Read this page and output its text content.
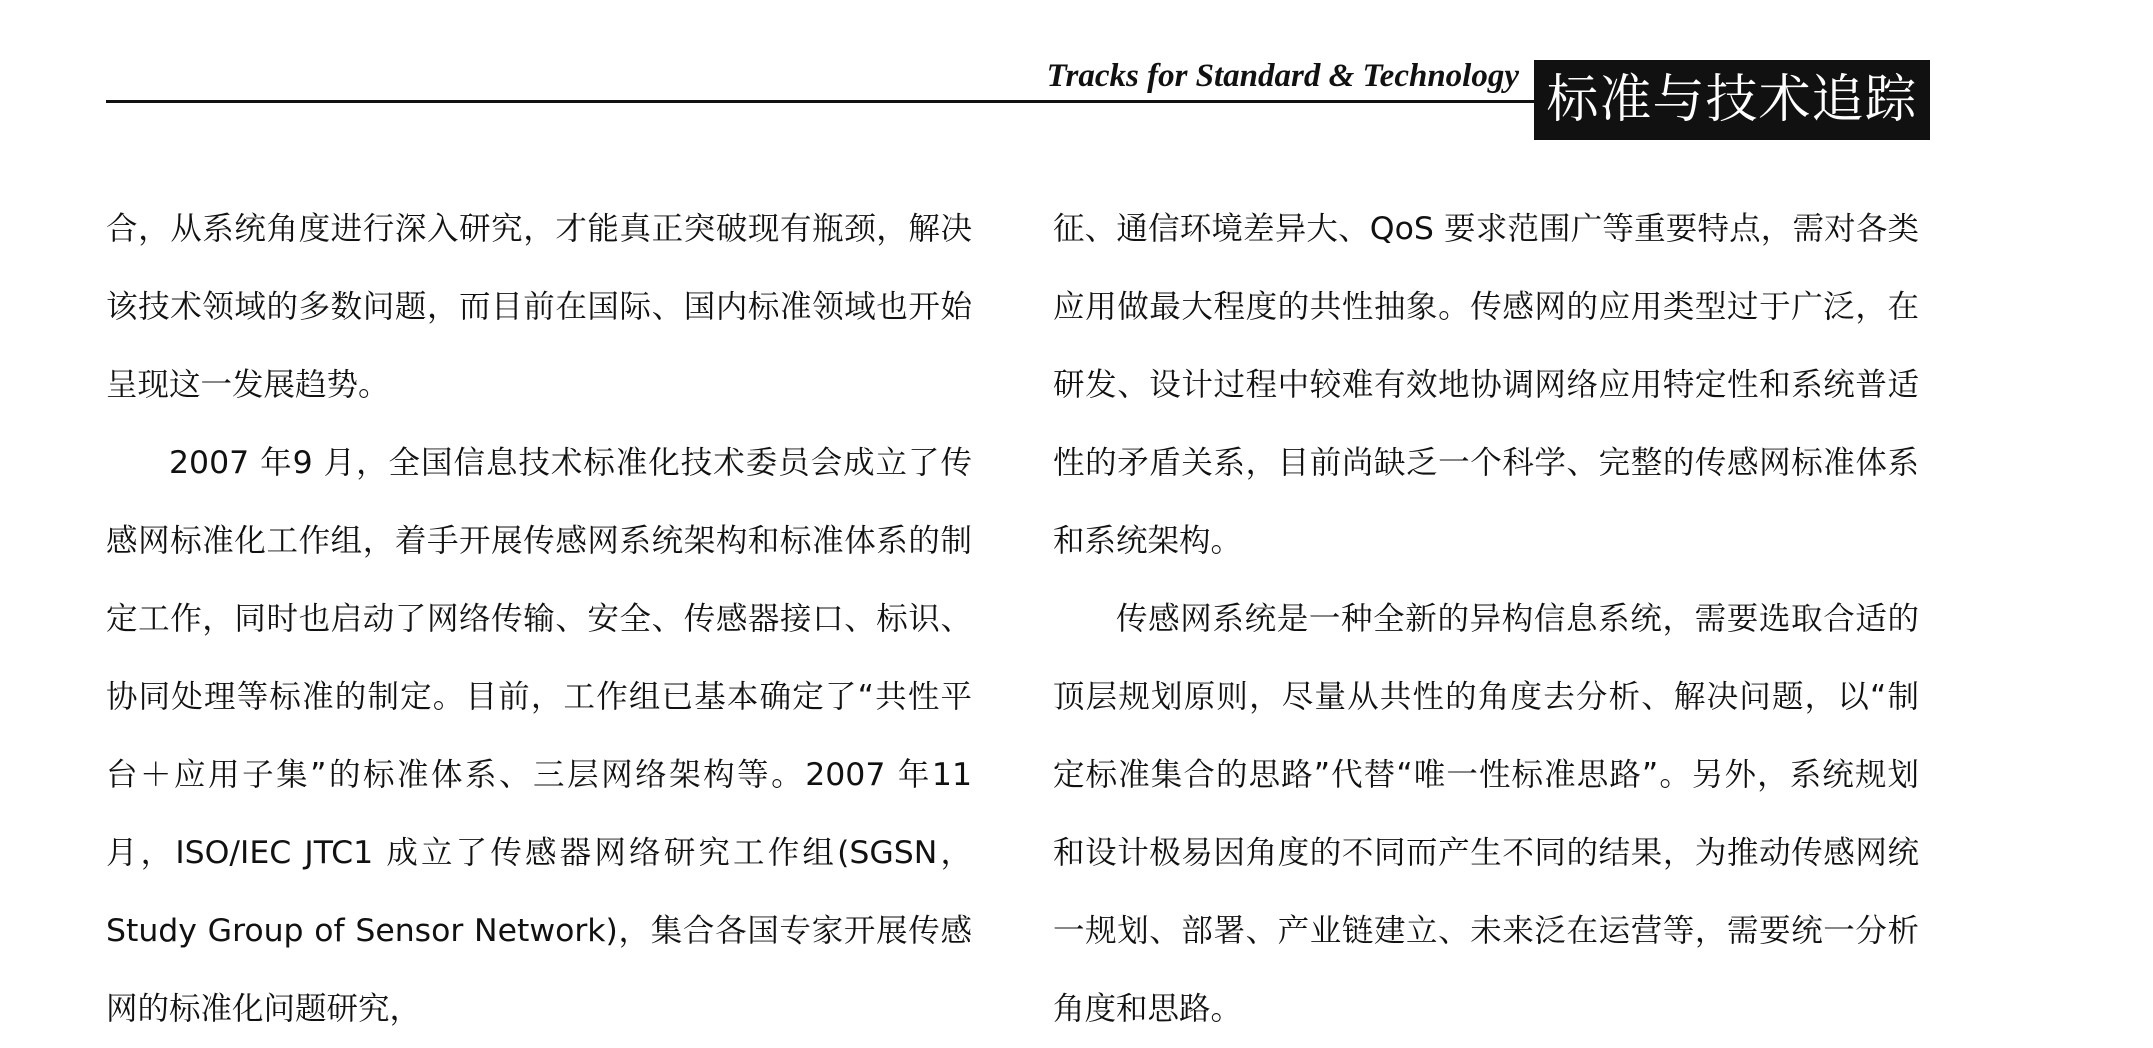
Tracks for Standard & Technology 标准与技术追踪

合，从系统角度进行深入研究，才能真正突破现有瓶颈，解决该技术领域的多数问题，而目前在国际、国内标准领域也开始呈现这一发展趋势。

2007 年9 月，全国信息技术标准化技术委员会成立了传感网标准化工作组，着手开展传感网系统架构和标准体系的制定工作，同时也启动了网络传输、安全、传感器接口、标识、协同处理等标准的制定。目前，工作组已基本确定了“共性平台＋应用子集”的标准体系、三层网络架构等。2007 年11 月，ISO/IEC JTC1 成立了传感器网络研究工作组(SGSN， Study Group of Sensor Network)，集合各国专家开展传感网的标准化问题研究，

征、通信环境差异大、QoS 要求范围广等重要特点，需对各类应用做最大程度的共性抽象。传感网的应用类型过于广泛，在研发、设计过程中较难有效地协调网络应用特定性和系统普适性的矛盾关系，目前尚缺乏一个科学、完整的传感网标准体系和系统架构。

传感网系统是一种全新的异构信息系统，需要选取合适的顶层规划原则，尽量从共性的角度去分析、解决问题，以“制定标准集合的思路”代替“唯一性标准思路”。另外，系统规划和设计极易因角度的不同而产生不同的结果，为推动传感网统一规划、部署、产业链建立、未来泛在运营等，需要统一分析角度和思路。
